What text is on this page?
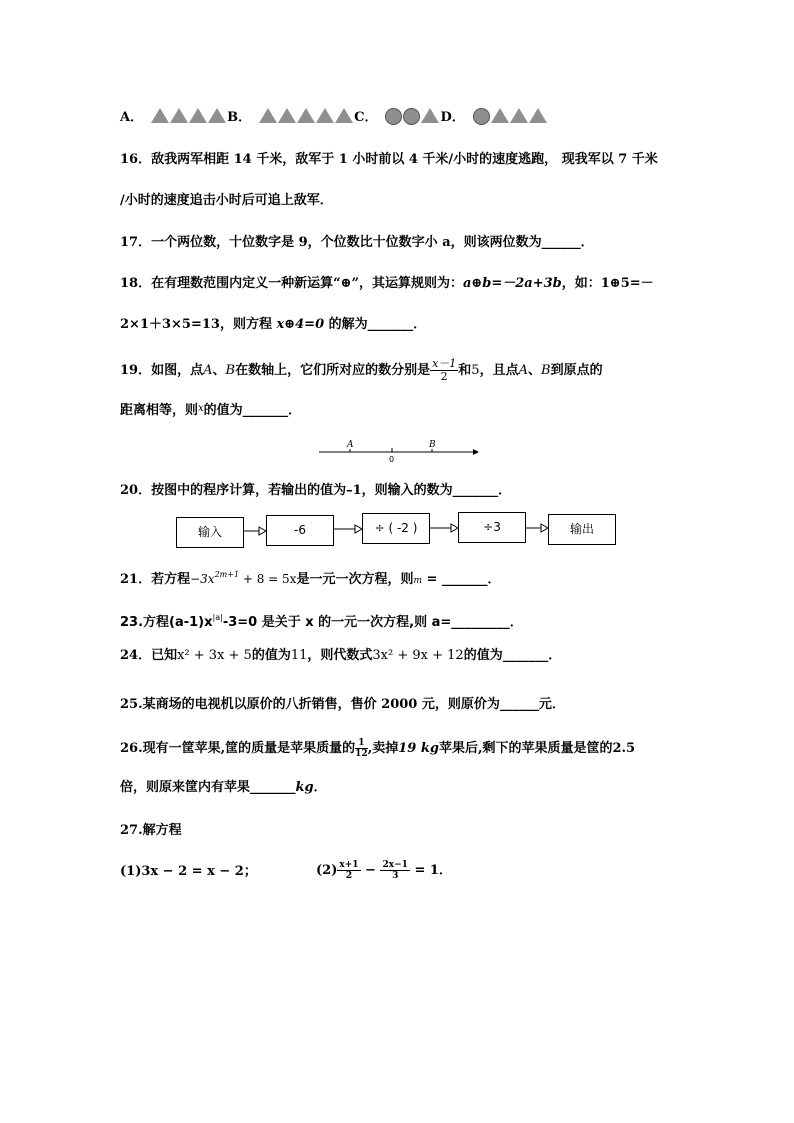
A．	B．	C．	D．
16．敌我两军相距 14 千米，敌军于 1 小时前以 4 千米/小时的速度逃跑， 现我军以 7 千米
/小时的速度追击小时后可追上敌军．
17．一个两位数，十位数字是 9，个位数比十位数字小 a，则该两位数为______．
18．在有理数范围内定义一种新运算“⊕”，其运算规则为：a⊕b=－2a+3b，如：1⊕5=－
2×1＋3×5=13，则方程 x⊕4=0 的解为_______．
19．如图，点A、B在数轴上，它们所对应的数分别是 $\frac{x-1}{2}$ 和5，且点A、B到原点的
距离相等，则$^x$的值为_______．
A	B
0
20．按图中的程序计算，若输出的值为–1，则输入的数为_______．
输入	-6	÷ ( -2 )	÷3	输出
21．若方程$-3x^{2m+1} + 8 = 5x$是一元一次方程，则m = _______．
23.方程$(a-1)x^{|a|}-3=0$ 是关于 x 的一元一次方程,则 a=_________．
24．已知x² + 3x + 5的值为11，则代数式3x² + 9x + 12的值为_______．
25.某商场的电视机以原价的八折销售，售价 2000 元，则原价为______元．
26.现有一筐苹果,筐的质量是苹果质量的 $\frac{1}{12}$ ,卖掉19 kg苹果后,剩下的苹果质量是筐的2.5
倍，则原来筐内有苹果_______kg．
27.解方程
(1)3x − 2 = x − 2；	$(2) \frac{x+1}{2} - \frac{2x-1}{3} = 1$．
